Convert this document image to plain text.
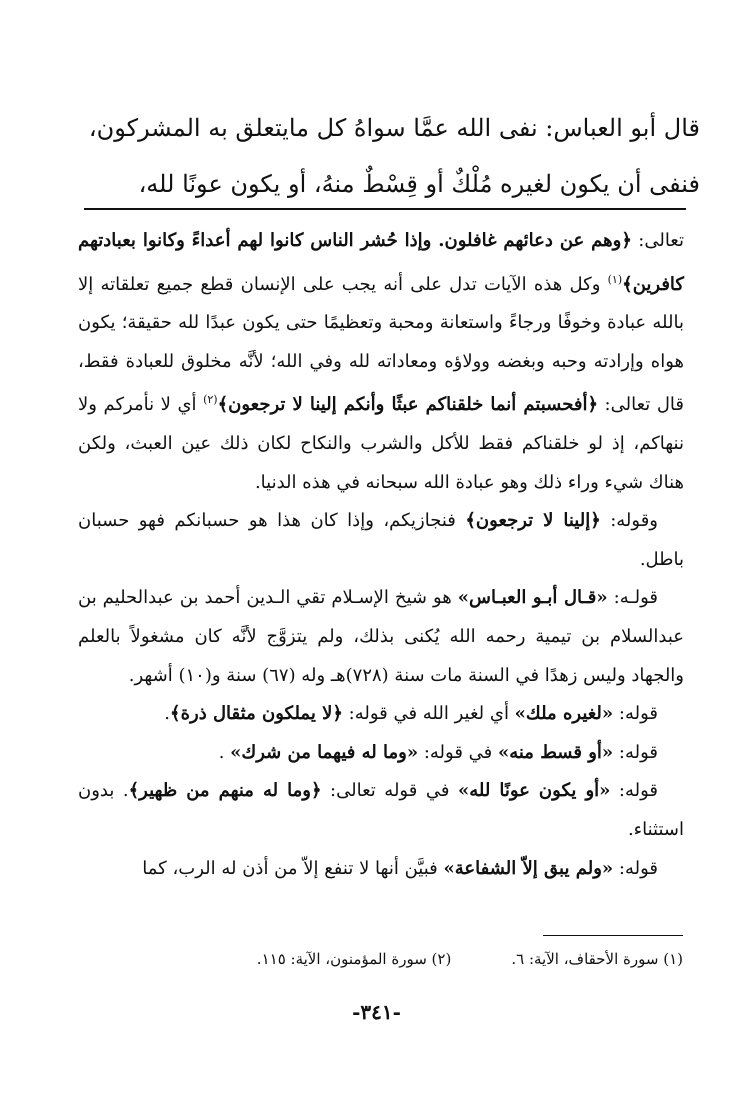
قال أبو العباس: نفى الله عمَّا سواهُ كل مايتعلق به المشركون،

فنفى أن يكون لغيره مُلْكٌ أو قِسْطٌ منهُ، أو يكون عونًا لله،

تعالى: ﴿وهم عن دعائهم غافلون. وإذا حُشر الناس كانوا لهم أعداءً وكانوا بعبادتهم كافرين﴾$^{(١)}$ وكل هذه الآيات تدل على أنه يجب على الإنسان قطع جميع تعلقاته إلا بالله عبادة وخوفًا ورجاءً واستعانة ومحبة وتعظيمًا حتى يكون عبدًا لله حقيقة؛ يكون هواه وإرادته وحبه وبغضه وولاؤه ومعاداته لله وفي الله؛ لأنَّه مخلوق للعبادة فقط، قال تعالى: ﴿أفحسبتم أنما خلقناكم عبثًا وأنكم إلينا لا ترجعون﴾$^{(٢)}$ أي لا نأمركم ولا ننهاكم، إذ لو خلقناكم فقط للأكل والشرب والنكاح لكان ذلك عين العبث، ولكن هناك شيء وراء ذلك وهو عبادة الله سبحانه في هذه الدنيا.

وقوله: ﴿إلينا لا ترجعون﴾ فنجازيكم، وإذا كان هذا هو حسبانكم فهو حسبان باطل.

قولـه: «قـال أبـو العبـاس» هو شيخ الإسـلام تقي الـدين أحمد بن عبدالحليم بن عبدالسلام بن تيمية رحمه الله يُكنى بذلك، ولم يتزوَّج لأنَّه كان مشغولاً بالعلم والجهاد وليس زهدًا في السنة مات سنة (٧٢٨)هـ وله (٦٧) سنة و(١٠) أشهر.

قوله: «لغيره ملك» أي لغير الله في قوله: ﴿لا يملكون مثقال ذرة﴾.

قوله: «أو قسط منه» في قوله: «وما له فيهما من شرك» .

قوله: «أو يكون عونًا لله» في قوله تعالى: ﴿وما له منهم من ظهير﴾. بدون استثناء.

قوله: «ولم يبق إلاّ الشفاعة» فبيَّن أنها لا تنفع إلاّ من أذن له الرب، كما

(١) سورة الأحقاف، الآية: ٦.
(٢) سورة المؤمنون، الآية: ١١٥.
-٣٤١-
